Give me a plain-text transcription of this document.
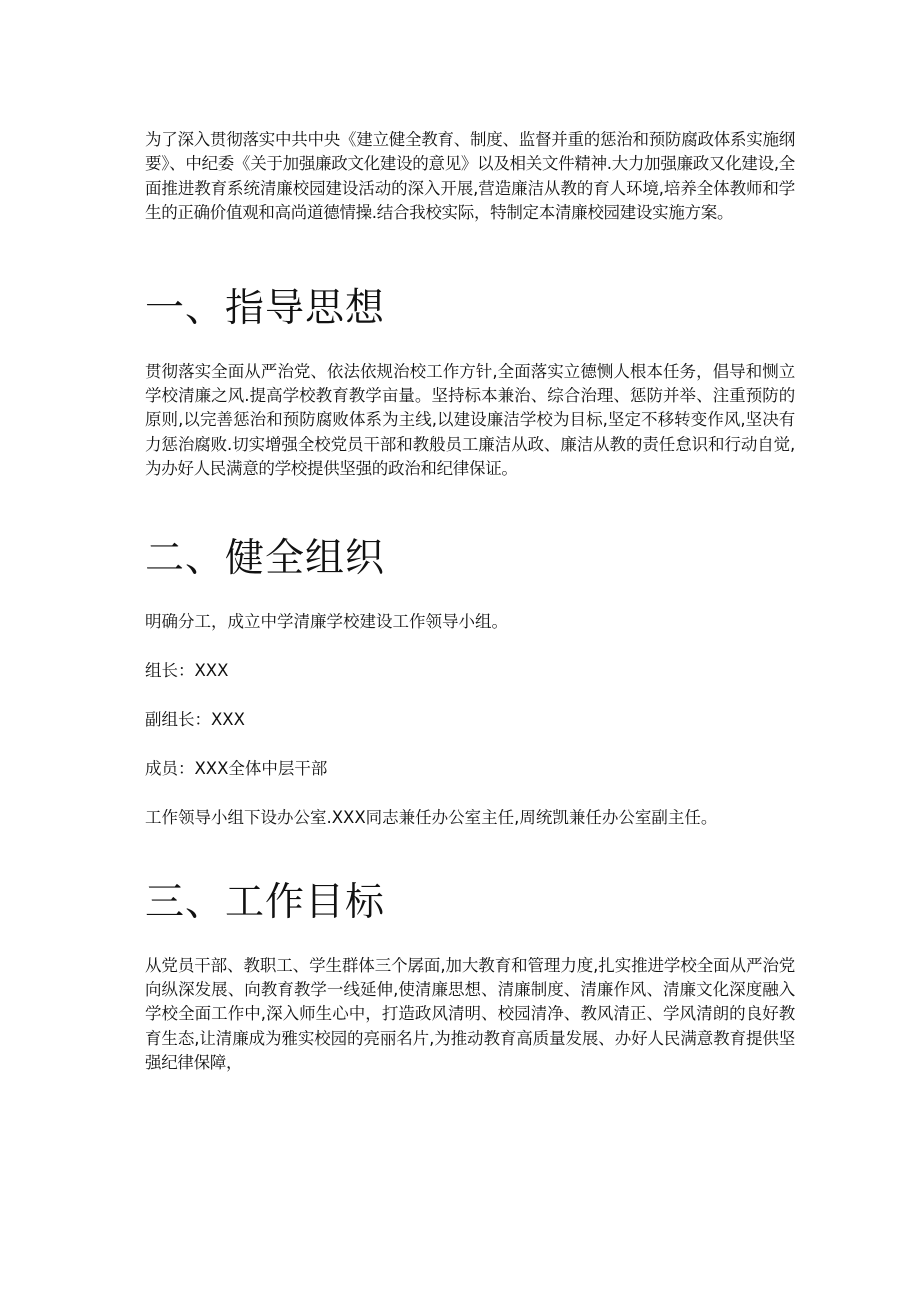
为了深入贯彻落实中共中央《建立健全教育、制度、监督并重的惩治和预防腐政体系实施纲要》、中纪委《关于加强廉政文化建设的意见》以及相关文件精神.大力加强廉政又化建设,全面推进教育系统清廉校园建设活动的深入开展,营造廉洁从教的育人环境,培养全体教师和学生的正确价值观和高尚道德情操.结合我校实际，特制定本清廉校园建设实施方案。

一、指导思想

贯彻落实全面从严治党、依法依规治校工作方针,全面落实立德恻人根本任务，倡导和恻立学校清廉之风.提高学校教育教学亩量。坚持标本兼治、综合治理、惩防并举、注重预防的原则,以完善惩治和预防腐败体系为主线,以建设廉洁学校为目标,坚定不移转变作风,坚决有力惩治腐败.切实增强全校党员干部和教般员工廉洁从政、廉洁从教的责任怠识和行动自觉,为办好人民满意的学校提供坚强的政治和纪律保证。

二、健全组织

明确分工，成立中学清廉学校建设工作领导小组。

组长：XXX

副组长：XXX

成员：XXX全体中层干部

工作领导小组下设办公室.XXX同志兼任办公室主任,周统凯兼任办公室副主任。

三、工作目标

从党员干部、教职工、学生群体三个孱面,加大教育和管理力度,扎实推进学校全面从严治党向纵深发展、向教育教学一线延伸,使清廉思想、清廉制度、清廉作风、清廉文化深度融入学校全面工作中,深入师生心中，打造政风清明、校园清净、教风清正、学风清朗的良好教育生态,让清廉成为雅实校园的亮丽名片,为推动教育高质量发展、办好人民满意教育提供坚强纪律保障，
